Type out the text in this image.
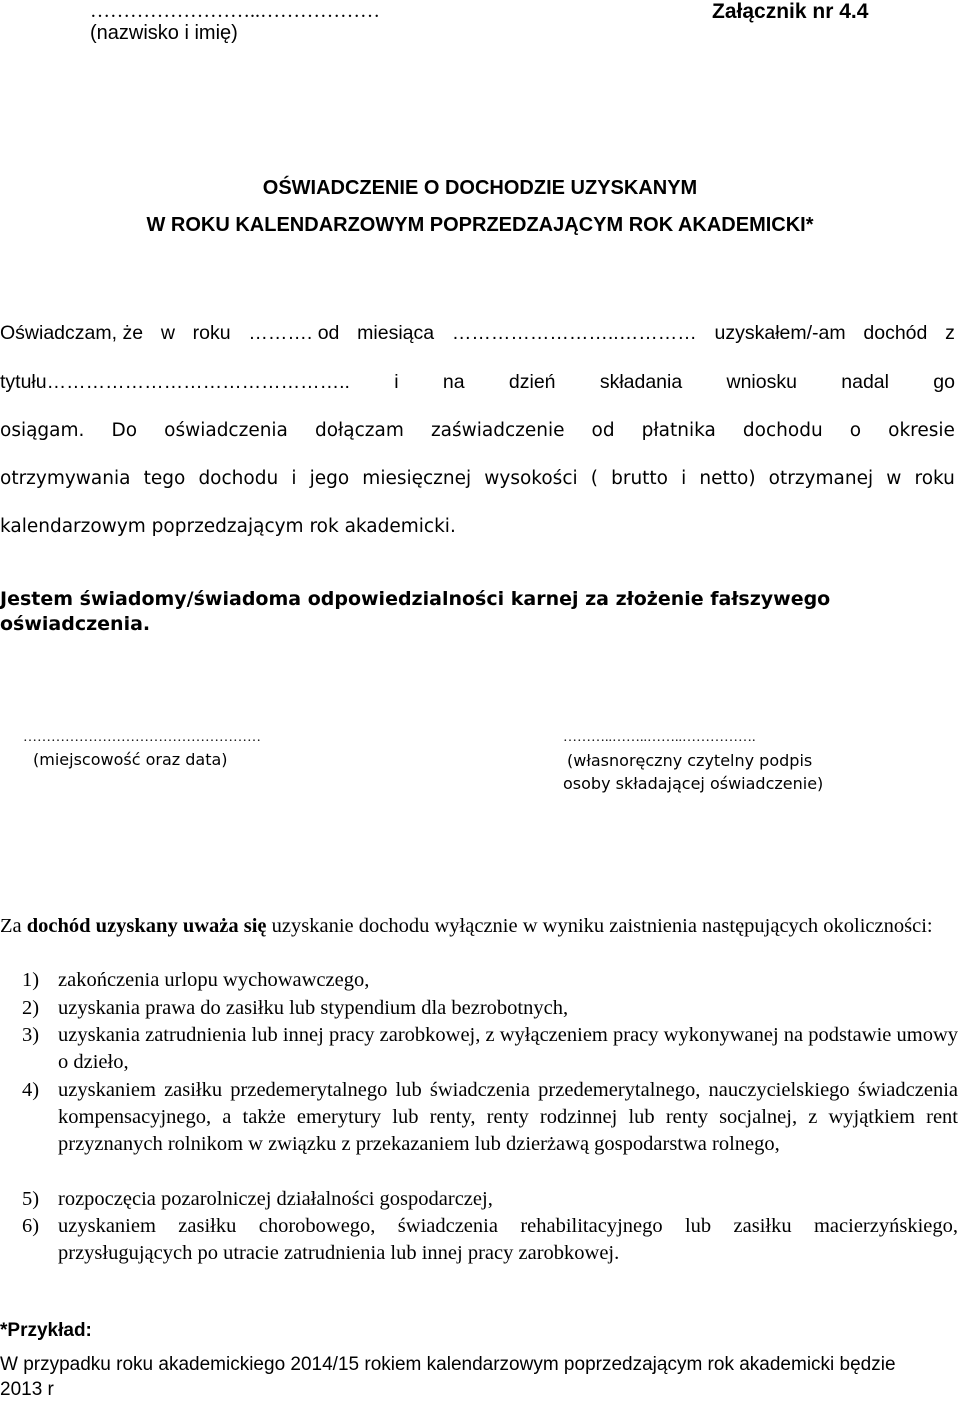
……………………..………………
(nazwisko i imię)
Załącznik nr 4.4
OŚWIADCZENIE O DOCHODZIE UZYSKANYM
W ROKU KALENDARZOWYM POPRZEDZAJĄCYM ROK AKADEMICKI*
Oświadczam, że w roku ………. od miesiąca ……………………..………… uzyskałem/-am dochód z
tytułu……………………………………….. i na dzień składania wniosku nadal go
osiągam. Do oświadczenia dołączam zaświadczenie od płatnika dochodu o okresie
otrzymywania tego dochodu i jego miesięcznej wysokości ( brutto i netto) otrzymanej w roku
kalendarzowym poprzedzającym rok akademicki.
Jestem świadomy/świadoma odpowiedzialności karnej za złożenie fałszywego oświadczenia.
……………………………………………
(miejscowość oraz data)
………..……..……..…………….
(własnoręczny czytelny podpis
osoby składającej oświadczenie)
Za dochód uzyskany uważa się uzyskanie dochodu wyłącznie w wyniku zaistnienia następujących okoliczności:
1) zakończenia urlopu wychowawczego,
2) uzyskania prawa do zasiłku lub stypendium dla bezrobotnych,
3) uzyskania zatrudnienia lub innej pracy zarobkowej, z wyłączeniem pracy wykonywanej na podstawie umowy o dzieło,
4) uzyskaniem zasiłku przedemerytalnego lub świadczenia przedemerytalnego, nauczycielskiego świadczenia kompensacyjnego, a także emerytury lub renty, renty rodzinnej lub renty socjalnej, z wyjątkiem rent przyznanych rolnikom w związku z przekazaniem lub dzierżawą gospodarstwa rolnego,
5) rozpoczęcia pozarolniczej działalności gospodarczej,
6) uzyskaniem zasiłku chorobowego, świadczenia rehabilitacyjnego lub zasiłku macierzyńskiego, przysługujących po utracie zatrudnienia lub innej pracy zarobkowej.
*Przykład:
W przypadku roku akademickiego 2014/15 rokiem kalendarzowym poprzedzającym rok akademicki będzie 2013 r
